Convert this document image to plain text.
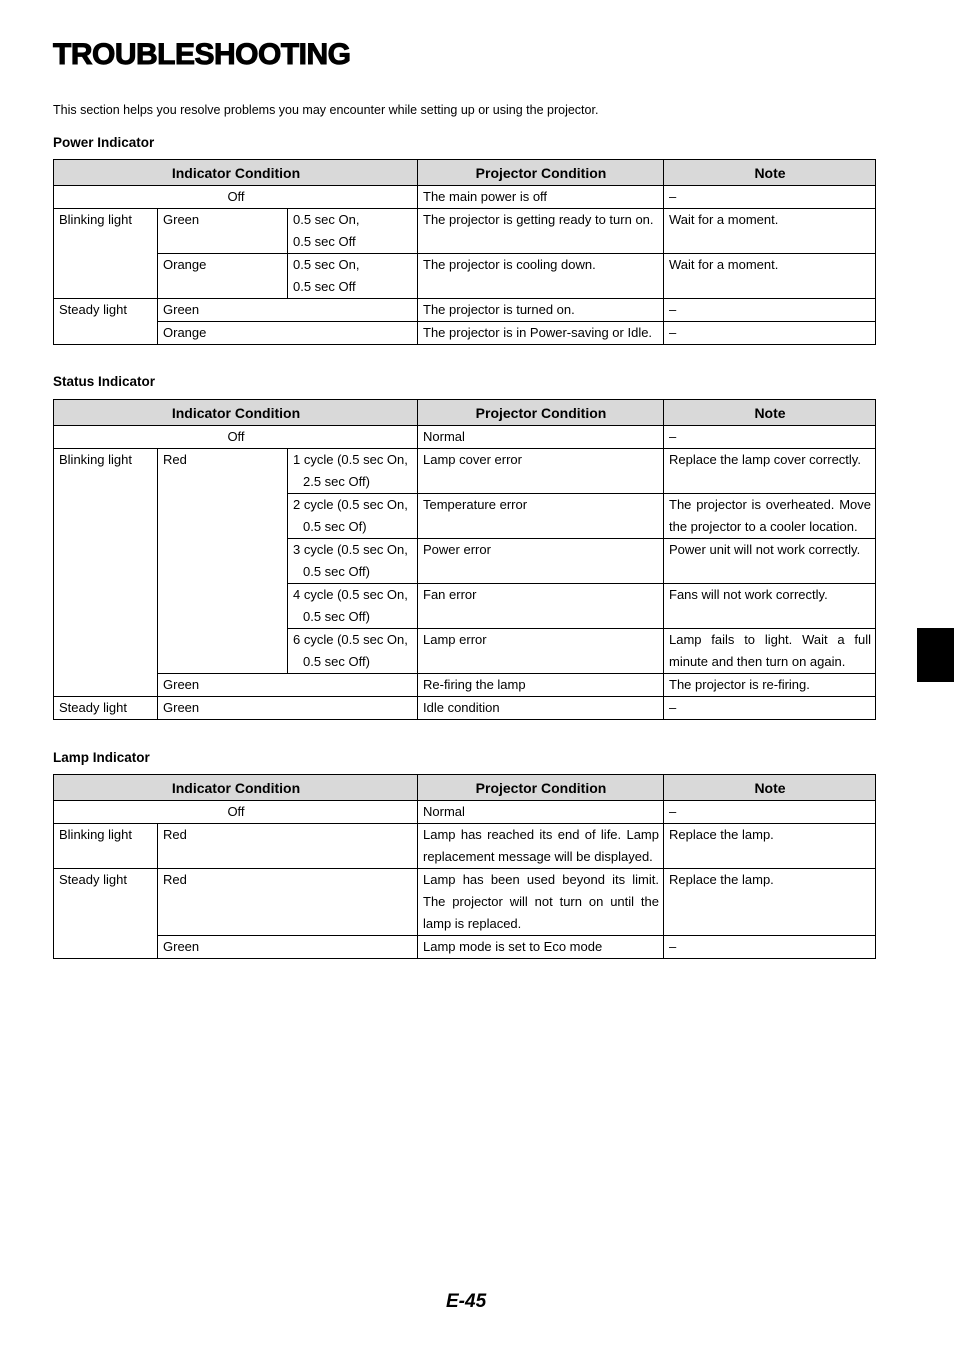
TROUBLESHOOTING

This section helps you resolve problems you may encounter while setting up or using the projector.

Power Indicator
Indicator Condition			Projector Condition	Note
Off			The main power is off	–
Blinking light	Green	0.5 sec On,
0.5 sec Off	The projector is getting ready to turn on.	Wait for a moment.
	Orange	0.5 sec On,
0.5 sec Off	The projector is cooling down.	Wait for a moment.
Steady light	Green		The projector is turned on.	–
	Orange		The projector is in Power-saving or Idle.	–
Status Indicator
Indicator Condition			Projector Condition	Note
Off			Normal	–
Blinking light	Red	1 cycle (0.5 sec On,
2.5 sec Off)	Lamp cover error	Replace the lamp cover correctly.
		2 cycle (0.5 sec On,
0.5 sec Of)	Temperature error	The projector is overheated. Move the projector to a cooler location.
		3 cycle (0.5 sec On,
0.5 sec Off)	Power error	Power unit will not work correctly.
		4 cycle (0.5 sec On,
0.5 sec Off)	Fan error	Fans will not work correctly.
		6 cycle (0.5 sec On,
0.5 sec Off)	Lamp error	Lamp fails to light. Wait a full minute and then turn on again.
	Green		Re-firing the lamp	The projector is re-firing.
Steady light	Green		Idle condition	–
Lamp Indicator
Indicator Condition		Projector Condition	Note
Off		Normal	–
Blinking light	Red	Lamp has reached its end of life. Lamp replacement message will be displayed.	Replace the lamp.
Steady light	Red	Lamp has been used beyond its limit. The projector will not turn on until the lamp is replaced.	Replace the lamp.
	Green	Lamp mode is set to Eco mode	–

E-45
